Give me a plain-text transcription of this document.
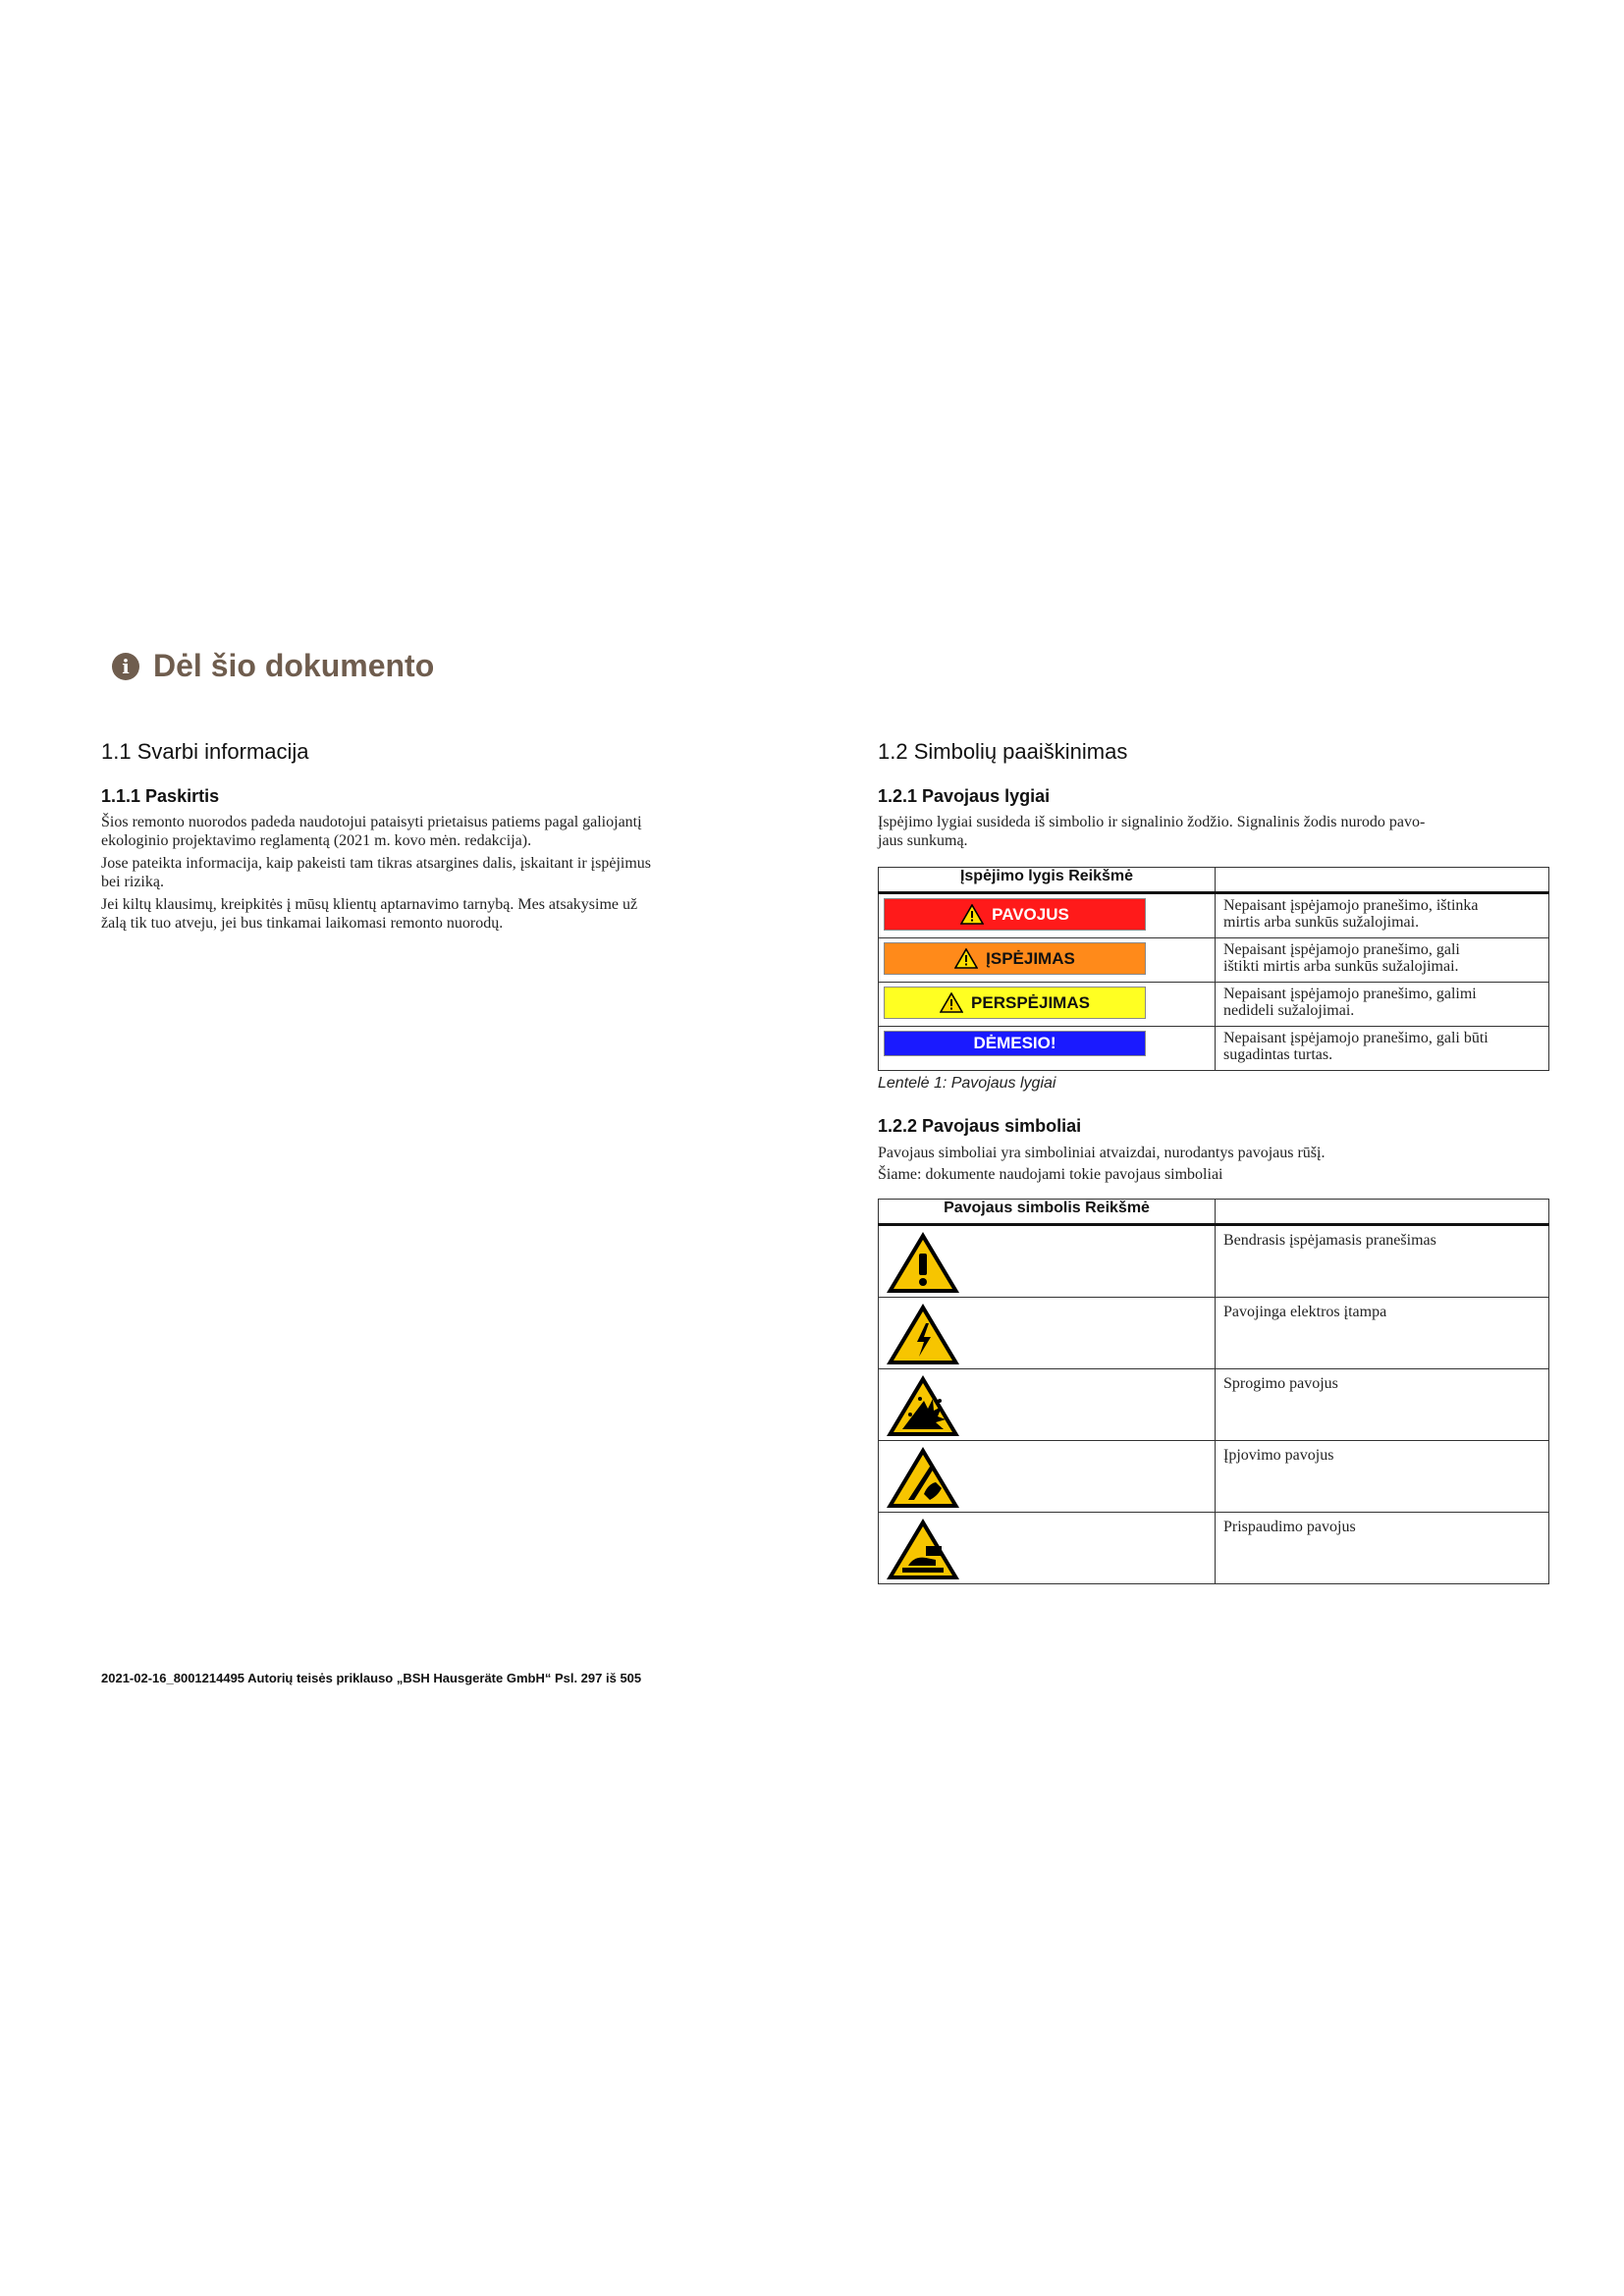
i Dėl šio dokumento
1.1 Svarbi informacija
1.1.1 Paskirtis

Šios remonto nuorodos padeda naudotojui pataisyti prietaisus patiems pagal galiojantį
ekologinio projektavimo reglamentą (2021 m. kovo mėn. redakcija).

Jose pateikta informacija, kaip pakeisti tam tikras atsargines dalis, įskaitant ir įspėjimus
bei riziką.

Jei kiltų klausimų, kreipkitės į mūsų klientų aptarnavimo tarnybą. Mes atsakysime už
žalą tik tuo atveju, jei bus tinkamai laikomasi remonto nuorodų.

1.2 Simbolių paaiškinimas
1.2.1 Pavojaus lygiai

Įspėjimo lygiai susideda iš simbolio ir signalinio žodžio. Signalinis žodis nurodo pavo-
jaus sunkumą.

Įspėjimo lygis Reikšmė	

PAVOJUS	Nepaisant įspėjamojo pranešimo, ištinka
mirtis arba sunkūs sužalojimai.

ĮSPĖJIMAS	Nepaisant įspėjamojo pranešimo, gali
ištikti mirtis arba sunkūs sužalojimai.

PERSPĖJIMAS	Nepaisant įspėjamojo pranešimo, galimi
nedideli sužalojimai.

DĖMESIO!	Nepaisant įspėjamojo pranešimo, gali būti
sugadintas turtas.
Lentelė 1: Pavojaus lygiai
1.2.2 Pavojaus simboliai

Pavojaus simboliai yra simboliniai atvaizdai, nurodantys pavojaus rūšį.
Šiame: dokumente naudojami tokie pavojaus simboliai

Pavojaus simbolis Reikšmė	

	Bendrasis įspėjamasis pranešimas

	Pavojinga elektros įtampa

	Sprogimo pavojus

	Įpjovimo pavojus

	Prispaudimo pavojus
2021-02-16_8001214495 Autorių teisės priklauso „BSH Hausgeräte GmbH“ Psl. 297 iš 505
